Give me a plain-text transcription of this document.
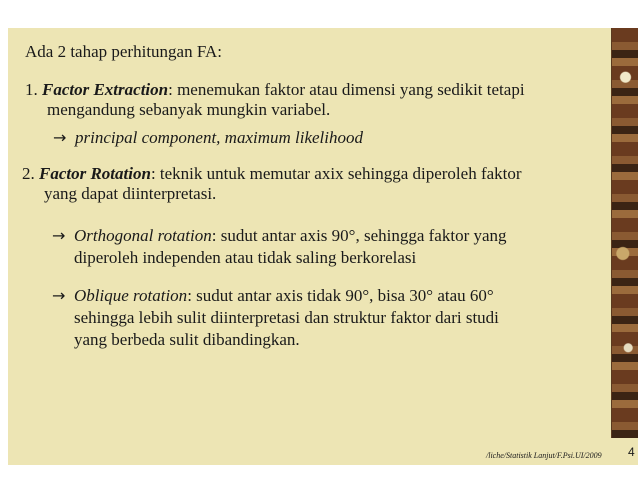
Ada 2 tahap perhitungan FA:
1. Factor Extraction: menemukan faktor atau dimensi yang sedikit tetapi
mengandung sebanyak mungkin variabel.
→ principal component, maximum likelihood
2. Factor Rotation: teknik untuk memutar axix sehingga diperoleh faktor
yang dapat diinterpretasi.
→ Orthogonal rotation: sudut antar axis 90°, sehingga faktor yang
diperoleh independen atau tidak saling berkorelasi
→ Oblique rotation: sudut antar axis tidak 90°, bisa 30° atau 60°
sehingga lebih sulit diinterpretasi dan struktur faktor dari studi
yang berbeda sulit dibandingkan.
/liche/Statistik Lanjut/F.Psi.UI/2009 4
